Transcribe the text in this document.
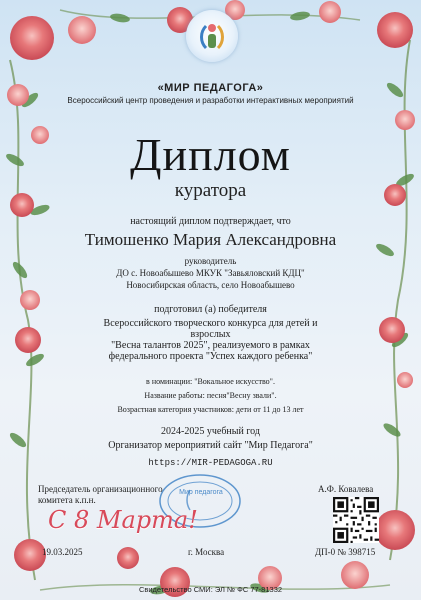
«МИР ПЕДАГОГА»
Всероссийский центр проведения и разработки интерактивных мероприятий
Диплом
куратора
настоящий диплом подтверждает, что
Тимошенко Мария Александровна
руководитель
ДО с. Новоабышево МКУК "Завьяловский КДЦ"
Новосибирская область, село Новоабышево
подготовил (а) победителя
Всероссийского творческого конкурса для детей и
взрослых
"Весна талантов 2025", реализуемого в рамках
федерального проекта "Успех каждого ребенка"
в номинации: "Вокальное искусство".
Название работы: песня"Весну звали".
Возрастная категория участников: дети от 11 до 13 лет
2024-2025 учебный год
Организатор мероприятий сайт "Мир Педагога"
https://MIR-PEDAGOGA.RU
Мир педагога
Председатель организационного
комитета к.п.н.
А.Ф. Ковалева
С 8 Марта!
19.03.2025	г. Москва	ДП-0 № 398715
Свидетельство СМИ: ЭЛ № ФС 77-81332
